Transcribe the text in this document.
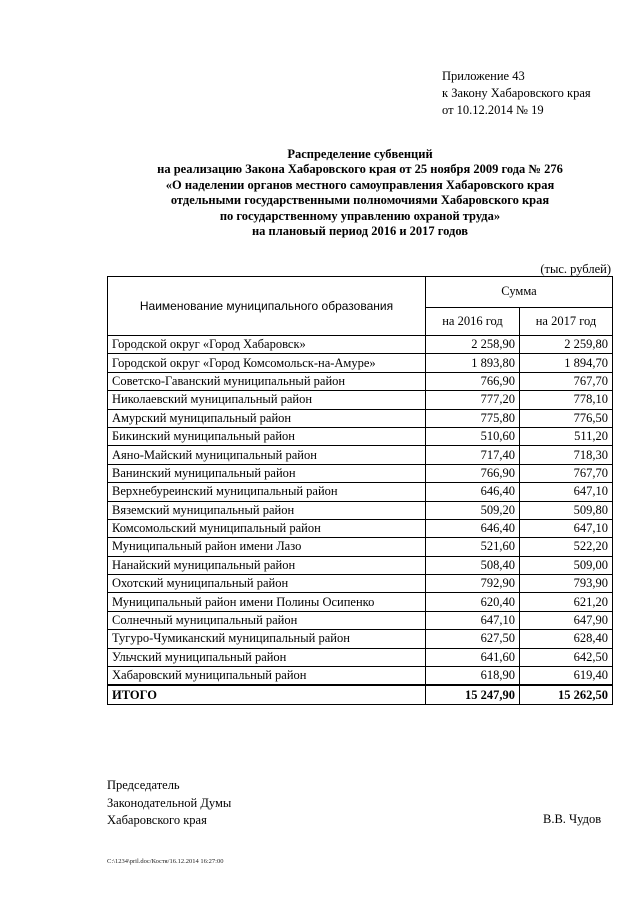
Приложение 43
к Закону Хабаровского края
от 10.12.2014 № 19
Распределение субвенций
на реализацию Закона Хабаровского края от 25 ноября 2009 года № 276
«О наделении органов местного самоуправления Хабаровского края
отдельными государственными полномочиями Хабаровского края
по государственному управлению охраной труда»
на плановый период 2016 и 2017 годов
(тыс. рублей)
Наименование муниципального образования	Сумма	
	на 2016 год	на 2017 год
Городской округ «Город Хабаровск»	2 258,90	2 259,80
Городской округ «Город Комсомольск-на-Амуре»	1 893,80	1 894,70
Советско-Гаванский муниципальный район	766,90	767,70
Николаевский муниципальный район	777,20	778,10
Амурский муниципальный район	775,80	776,50
Бикинский муниципальный район	510,60	511,20
Аяно-Майский муниципальный район	717,40	718,30
Ванинский муниципальный район	766,90	767,70
Верхнебуреинский муниципальный район	646,40	647,10
Вяземский муниципальный район	509,20	509,80
Комсомольский муниципальный район	646,40	647,10
Муниципальный район имени Лазо	521,60	522,20
Нанайский муниципальный район	508,40	509,00
Охотский муниципальный район	792,90	793,90
Муниципальный район имени Полины Осипенко	620,40	621,20
Солнечный муниципальный район	647,10	647,90
Тугуро-Чумиканский муниципальный район	627,50	628,40
Ульчский муниципальный район	641,60	642,50
Хабаровский муниципальный район	618,90	619,40
ИТОГО	15 247,90	15 262,50
Председатель
Законодательной Думы
Хабаровского края	В.В. Чудов
C:\1234\pril.doc/Костя/16.12.2014 16:27:00
